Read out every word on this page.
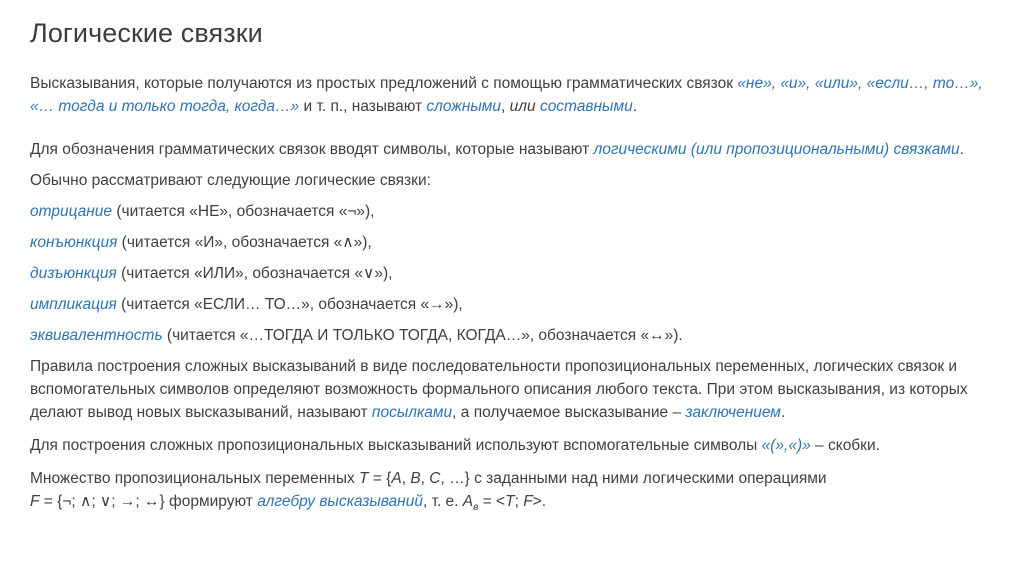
Логические связки

Высказывания, которые получаются из простых предложений с помощью грамматических связок «не», «и», «или», «если…, то…», «… тогда и только тогда, когда…» и т. п., называют сложными, или составными.

Для обозначения грамматических связок вводят символы, которые называют логическими (или пропозициональными) связками.

Обычно рассматривают следующие логические связки:

отрицание (читается «НЕ», обозначается «¬»),
конъюнкция (читается «И», обозначается «∧»),
дизъюнкция (читается «ИЛИ», обозначается «∨»),
импликация (читается «ЕСЛИ… ТО…», обозначается «→»),
эквивалентность (читается «…ТОГДА И ТОЛЬКО ТОГДА, КОГДА…», обозначается «↔»).

Правила построения сложных высказываний в виде последовательности пропозициональных переменных, логических связок и вспомогательных символов определяют возможность формального описания любого текста. При этом высказывания, из которых делают вывод новых высказываний, называют посылками, а получаемое высказывание – заключением.

Для построения сложных пропозициональных высказываний используют вспомогательные символы «(»,«)» – скобки.

Множество пропозициональных переменных T = {A, B, C, …} с заданными над ними логическими операциями
F = {¬; ∧; ∨; →; ↔} формируют алгебру высказываний, т. е. $A_в = <T$; F>.
